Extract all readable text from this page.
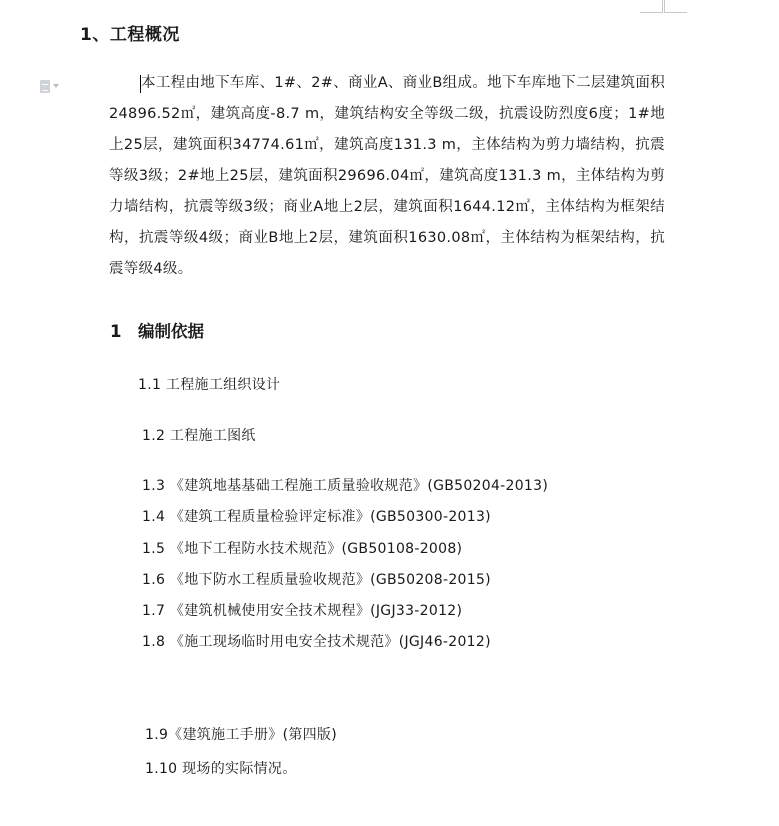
1、工程概况
本工程由地下车库、1#、2#、商业A、商业B组成。地下车库地下二层建筑面积24896.52㎡，建筑高度-8.7 m，建筑结构安全等级二级，抗震设防烈度6度；1#地上25层，建筑面积34774.61㎡，建筑高度131.3 m，主体结构为剪力墙结构，抗震等级3级；2#地上25层，建筑面积29696.04㎡，建筑高度131.3 m，主体结构为剪力墙结构，抗震等级3级；商业A地上2层，建筑面积1644.12㎡，主体结构为框架结构，抗震等级4级；商业B地上2层，建筑面积1630.08㎡，主体结构为框架结构，抗震等级4级。
1 编制依据
1.1 工程施工组织设计
1.2 工程施工图纸
1.3 《建筑地基基础工程施工质量验收规范》(GB50204-2013)
1.4 《建筑工程质量检验评定标准》(GB50300-2013)
1.5 《地下工程防水技术规范》(GB50108-2008)
1.6 《地下防水工程质量验收规范》(GB50208-2015)
1.7 《建筑机械使用安全技术规程》(JGJ33-2012)
1.8 《施工现场临时用电安全技术规范》(JGJ46-2012)
1.9《建筑施工手册》(第四版)
1.10 现场的实际情况。
